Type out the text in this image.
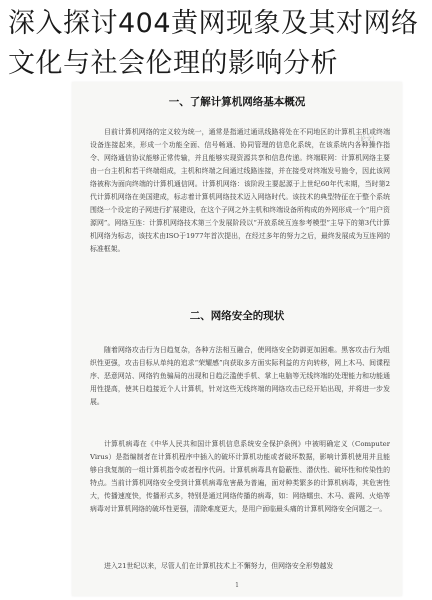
深入探讨404黄网现象及其对网络文化与社会伦理的影响分析
（论文）
一、了解计算机网络基本概况
目前计算机网络的定义较为统一，通常是指通过通讯线路将处在不同地区的计算机主机或终端设备连接起来，形成一个功能全面、信号畅通、协同管理的信息化系统，在该系统内各种操作指令、网络通信协议能够正常传输，并且能够实现资源共享和信息传递。终端联网：计算机网络主要由一台主机和若干终端组成，主机和终端之间通过线路连接，并在接受对终端发号施令，因此该网络被称为面向终端的计算机通信网。计算机网络：该阶段主要起源于上世纪60年代末期，当时第2代计算机网络在美国建成，标志着计算机网络技术迈入网络时代。该技术的典型特征在于整个系统围绕一个设定的子网进行扩展建设，在这个子网之外主机和终端设备所构成的外网形成一个“用户资源网”。网络互连：计算机网络技术第三个发展阶段以“开放系统互连参考模型”主导下的第3代计算机网络为标志，该技术由ISO于1977年首次提出，在经过多年的努力之后，最终发展成为互连网的标准框架。
二、网络安全的现状
随着网络攻击行为日趋复杂，各种方法相互融合，使网络安全防御更加困难。黑客攻击行为组织性更强，攻击目标从单纯的追求“荣耀感”向获取多方面实际利益的方向转移，网上木马、间谍程序、恶意网站、网络钓鱼骗局的出现和日趋泛滥使手机、掌上电脑等无线终端的处理能力和功能通用性提高，使其日趋接近个人计算机，针对这些无线终端的网络攻击已经开始出现，并将进一步发展。
计算机病毒在《中华人民共和国计算机信息系统安全保护条例》中被明确定义（Computer Virus）是指编制者在计算机程序中插入的破坏计算机功能或者破坏数据，影响计算机使用并且能够自我复制的一组计算机指令或者程序代码。计算机病毒具有隐蔽性、潜伏性、破坏性和传染性的特点。当前计算机网络安全受到计算机病毒危害最为普遍，面对种类繁多的计算机病毒，其危害性大，传播速度快，传播形式多，特别是通过网络传播的病毒，如：网络蠕虫、木马、震网、火焰等病毒对计算机网络的破坏性更强，清除难度更大，是用户面临最头痛的计算机网络安全问题之一。
进入21世纪以来，尽管人们在计算机技术上不懈努力，但网络安全形势越发
1
